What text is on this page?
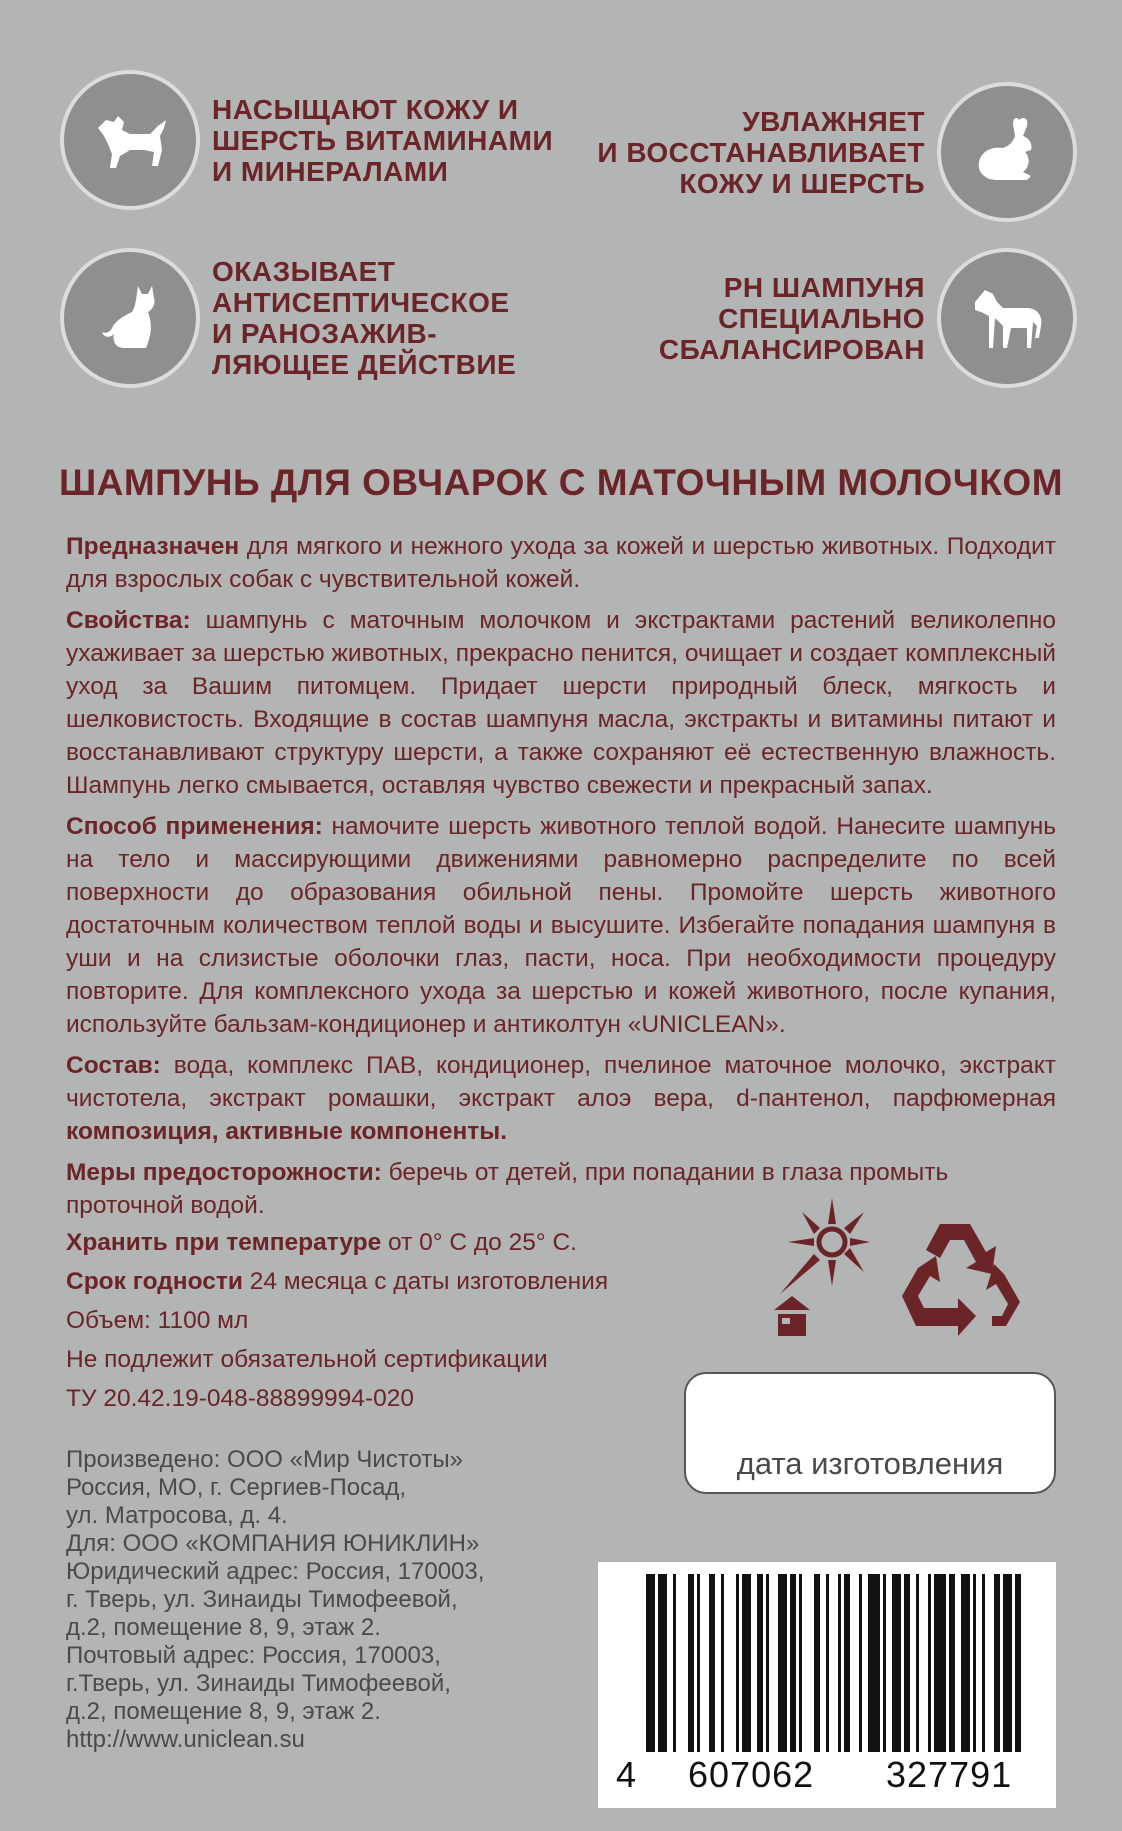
НАСЫЩАЮТ КОЖУ И
ШЕРСТЬ ВИТАМИНАМИ
И МИНЕРАЛАМИ
УВЛАЖНЯЕТ
И ВОССТАНАВЛИВАЕТ
КОЖУ И ШЕРСТЬ
ОКАЗЫВАЕТ
АНТИСЕПТИЧЕСКОЕ
И РАНОЗАЖИВ-
ЛЯЮЩЕЕ ДЕЙСТВИЕ
PH ШАМПУНЯ
СПЕЦИАЛЬНО
СБАЛАНСИРОВАН
ШАМПУНЬ ДЛЯ ОВЧАРОК С МАТОЧНЫМ МОЛОЧКОМ

Предназначен для мягкого и нежного ухода за кожей и шерстью животных. Подходит для взрослых собак с чувствительной кожей.

Свойства: шампунь с маточным молочком и экстрактами растений великолепно ухаживает за шерстью животных, прекрасно пенится, очищает и создает комплексный уход за Вашим питомцем. Придает шерсти природный блеск, мягкость и шелковистость. Входящие в состав шампуня масла, экстракты и витамины питают и восстанавливают структуру шерсти, а также сохраняют её естественную влажность. Шампунь легко смывается, оставляя чувство свежести и прекрасный запах.

Способ применения: намочите шерсть животного теплой водой. Нанесите шампунь на тело и массирующими движениями равномерно распределите по всей поверхности до образования обильной пены. Промойте шерсть животного достаточным количеством теплой воды и высушите. Избегайте попадания шампуня в уши и на слизистые оболочки глаз, пасти, носа. При необходимости процедуру повторите. Для комплексного ухода за шерстью и кожей животного, после купания, используйте бальзам-кондиционер и антиколтун «UNICLEAN».

Состав: вода, комплекс ПАВ, кондиционер, пчелиное маточное молочко, экстракт чистотела, экстракт ромашки, экстракт алоэ вера, d-пантенол, парфюмерная композиция, активные компоненты.

Меры предосторожности: беречь от детей, при попадании в глаза промыть проточной водой.

Хранить при температуре от 0° С до 25° С.
Срок годности 24 месяца с даты изготовления
Объем: 1100 мл
Не подлежит обязательной сертификации
ТУ 20.42.19-048-88899994-020
Произведено: ООО «Мир Чистоты»
Россия, МО, г. Сергиев-Посад,
ул. Матросова, д. 4.
Для: ООО «КОМПАНИЯ ЮНИКЛИН»
Юридический адрес: Россия, 170003,
г. Тверь, ул. Зинаиды Тимофеевой,
д.2, помещение 8, 9, этаж 2.
Почтовый адрес: Россия, 170003,
г.Тверь, ул. Зинаиды Тимофеевой,
д.2, помещение 8, 9, этаж 2.
http://www.uniclean.su
дата изготовления
4 607062 327791
